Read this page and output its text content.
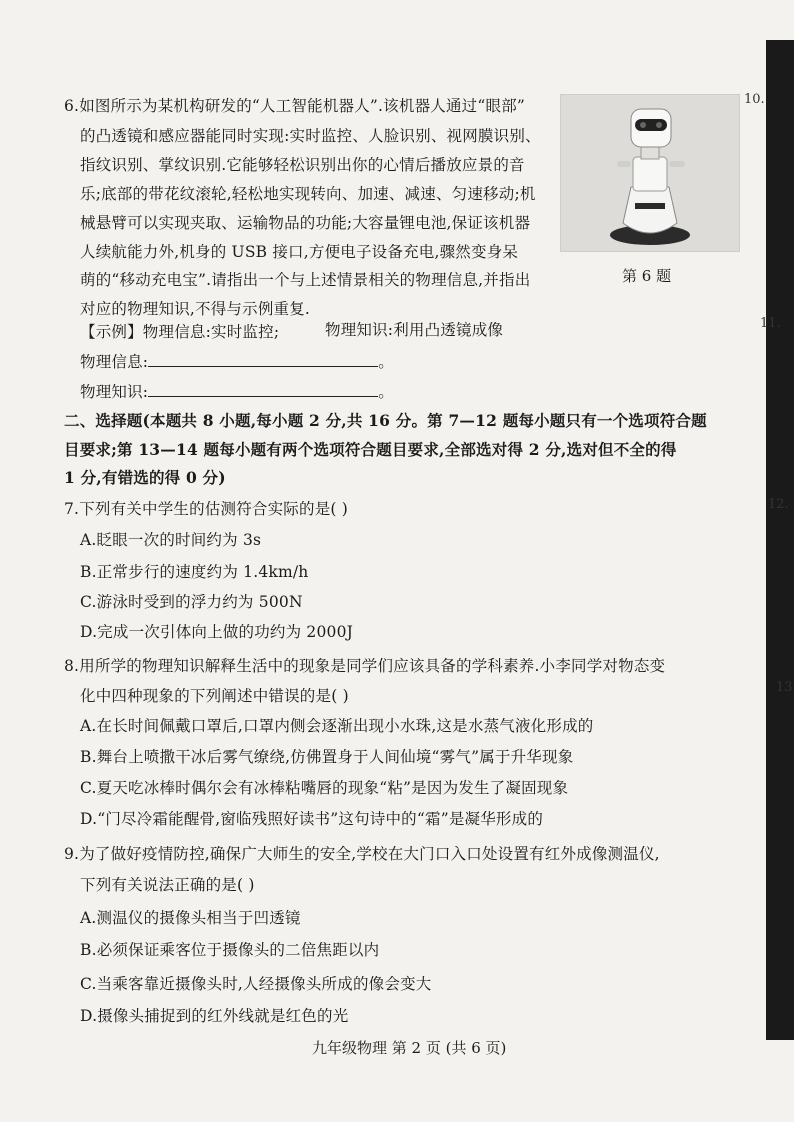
6.如图所示为某机构研发的“人工智能机器人”.该机器人通过“眼部”
的凸透镜和感应器能同时实现:实时监控、人脸识别、视网膜识别、
指纹识别、掌纹识别.它能够轻松识别出你的心情后播放应景的音
乐;底部的带花纹滚轮,轻松地实现转向、加速、减速、匀速移动;机
械悬臂可以实现夹取、运输物品的功能;大容量锂电池,保证该机器
人续航能力外,机身的 USB 接口,方便电子设备充电,骤然变身呆
萌的“移动充电宝”.请指出一个与上述情景相关的物理信息,并指出
对应的物理知识,不得与示例重复.
第 6 题
【示例】物理信息:实时监控;	物理知识:利用凸透镜成像
物理信息:	。
物理知识:	。
二、选择题(本题共 8 小题,每小题 2 分,共 16 分。第 7—12 题每小题只有一个选项符合题
目要求;第 13—14 题每小题有两个选项符合题目要求,全部选对得 2 分,选对但不全的得
1 分,有错选的得 0 分)
7.下列有关中学生的估测符合实际的是( )
A.眨眼一次的时间约为 3s
B.正常步行的速度约为 1.4km/h
C.游泳时受到的浮力约为 500N
D.完成一次引体向上做的功约为 2000J
8.用所学的物理知识解释生活中的现象是同学们应该具备的学科素养.小李同学对物态变
化中四种现象的下列阐述中错误的是( )
A.在长时间佩戴口罩后,口罩内侧会逐渐出现小水珠,这是水蒸气液化形成的
B.舞台上喷撒干冰后雾气缭绕,仿佛置身于人间仙境“雾气”属于升华现象
C.夏天吃冰棒时偶尔会有冰棒粘嘴唇的现象“粘”是因为发生了凝固现象
D.“门尽冷霜能醒骨,窗临残照好读书”这句诗中的“霜”是凝华形成的
9.为了做好疫情防控,确保广大师生的安全,学校在大门口入口处设置有红外成像测温仪,
下列有关说法正确的是( )
A.测温仪的摄像头相当于凹透镜
B.必须保证乘客位于摄像头的二倍焦距以内
C.当乘客靠近摄像头时,人经摄像头所成的像会变大
D.摄像头捕捉到的红外线就是红色的光
10.
11.
12.
13
九年级物理 第 2 页 (共 6 页)
